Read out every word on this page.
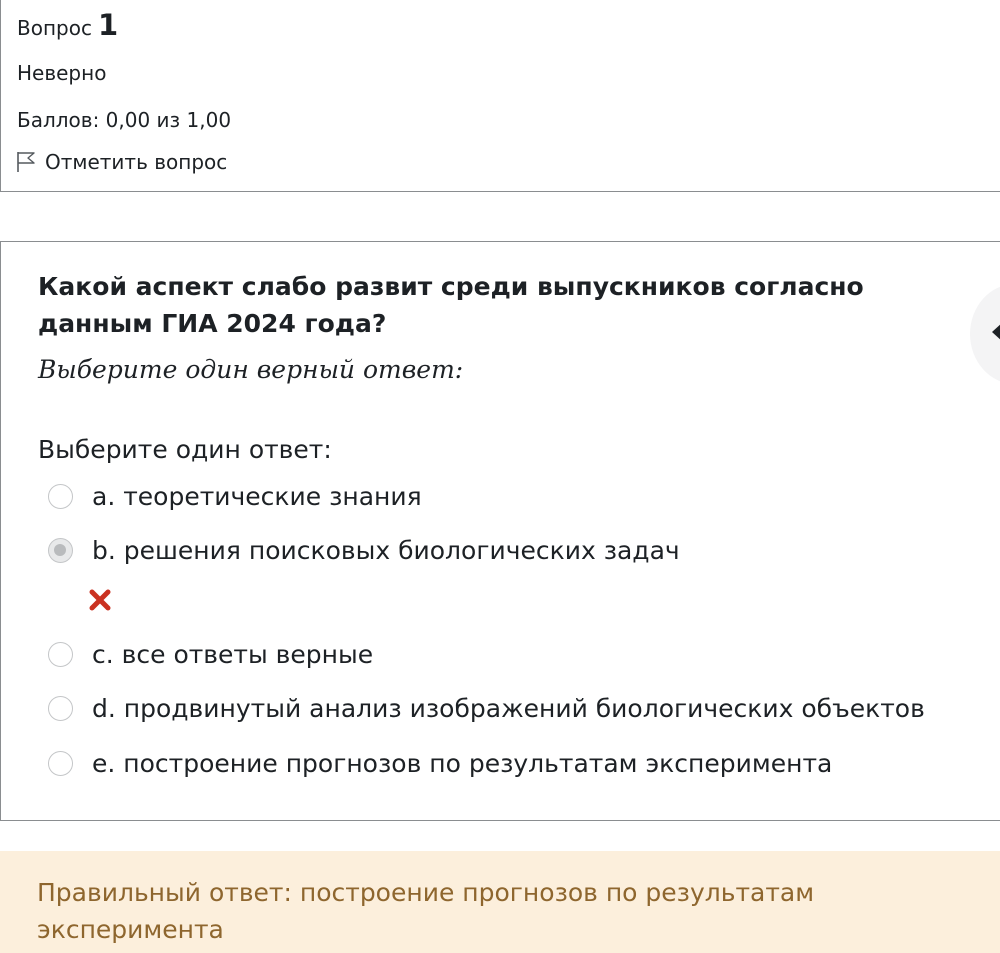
Вопрос 1
Неверно
Баллов: 0,00 из 1,00
Отметить вопрос
Какой аспект слабо развит среди выпускников согласно данным ГИА 2024 года?
Выберите один верный ответ:
Выберите один ответ:
a. теоретические знания
b. решения поисковых биологических задач
c. все ответы верные
d. продвинутый анализ изображений биологических объектов
e. построение прогнозов по результатам эксперимента
Правильный ответ: построение прогнозов по результатам эксперимента
